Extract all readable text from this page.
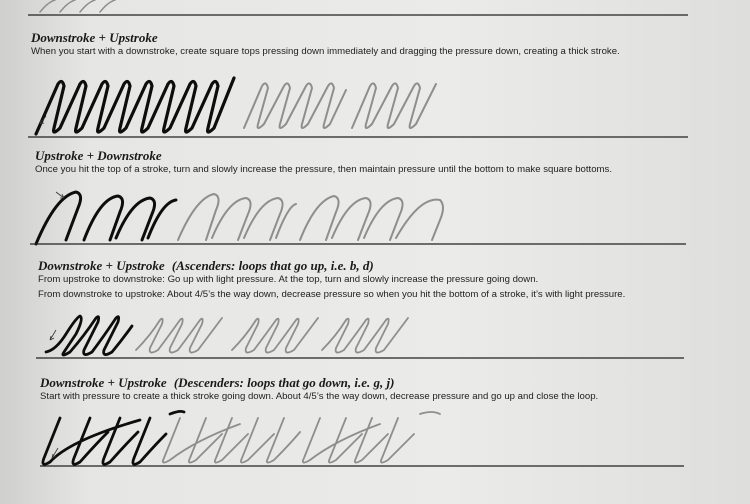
Downstroke + Upstroke
When you start with a downstroke, create square tops pressing down immediately and dragging the pressure down, creating a thick stroke.
Upstroke + Downstroke
Once you hit the top of a stroke, turn and slowly increase the pressure, then maintain pressure until the bottom to make square bottoms.
Downstroke + Upstroke (Ascenders: loops that go up, i.e. b, d)
From upstroke to downstroke: Go up with light pressure. At the top, turn and slowly increase the pressure going down.
From downstroke to upstroke: About 4/5’s the way down, decrease pressure so when you hit the bottom of a stroke, it’s with light pressure.
Downstroke + Upstroke (Descenders: loops that go down, i.e. g, j)
Start with pressure to create a thick stroke going down. About 4/5’s the way down, decrease pressure and go up and close the loop.
